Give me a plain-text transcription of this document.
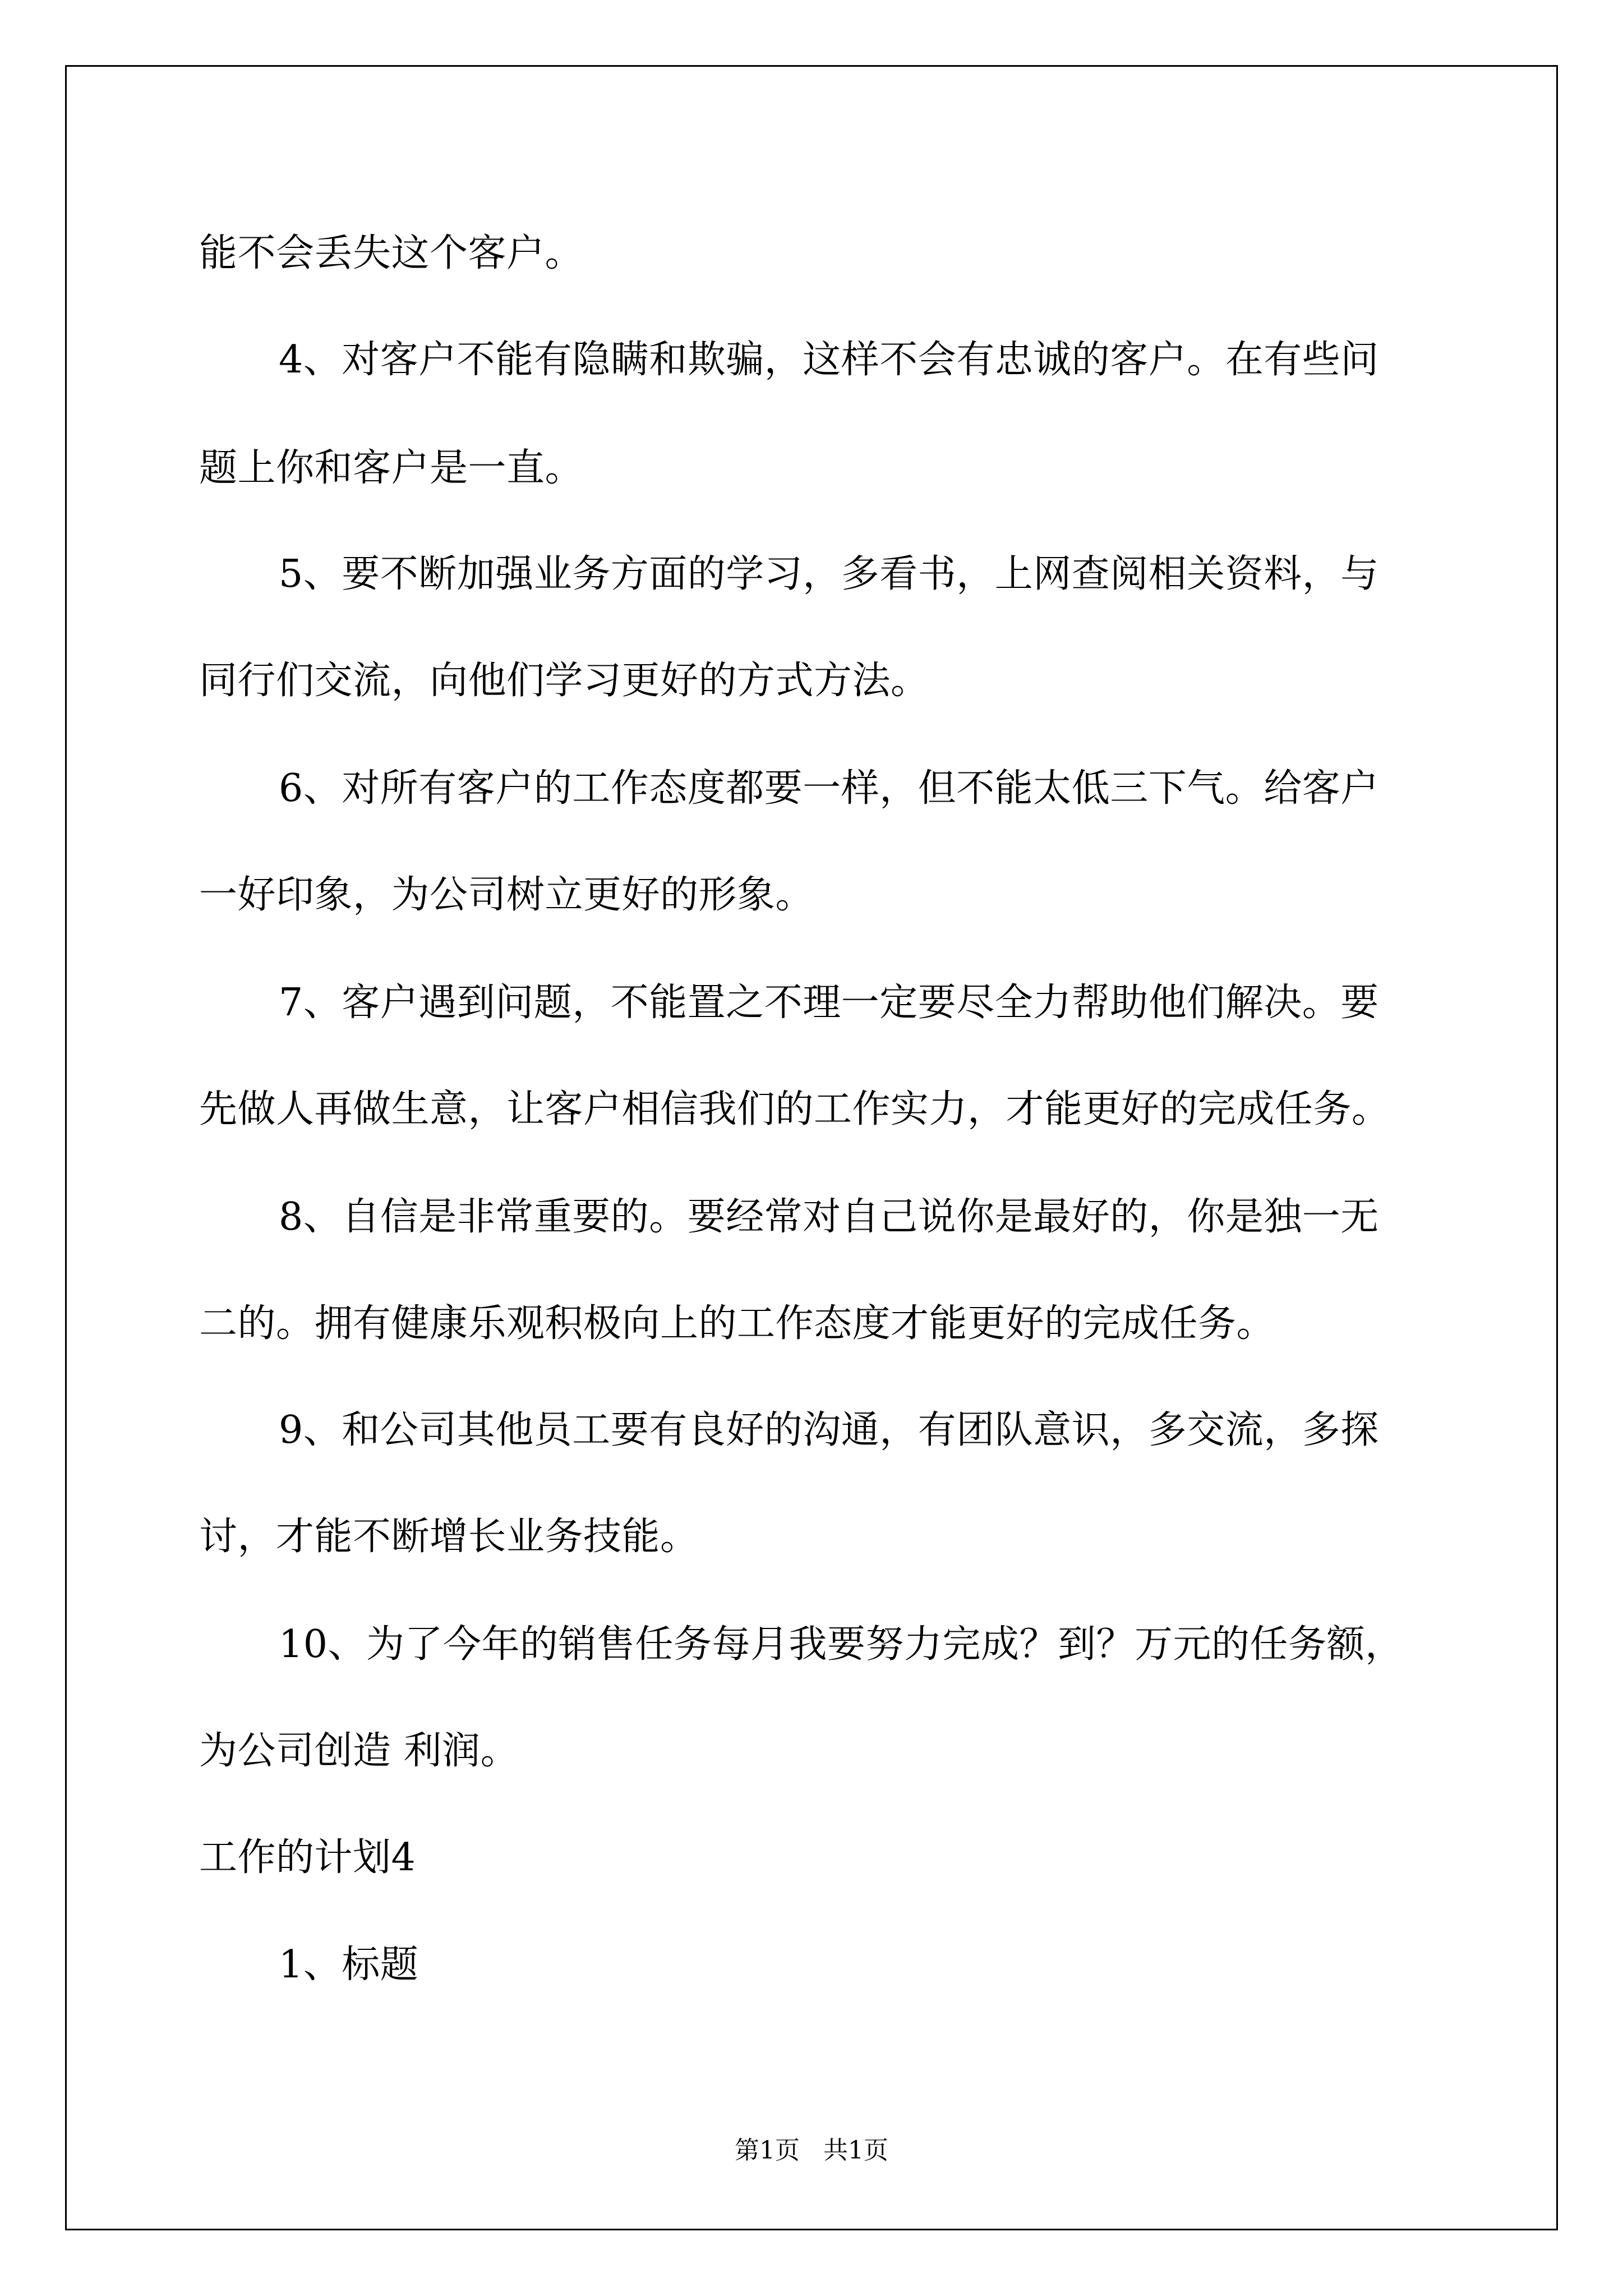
能不会丢失这个客户。
4、对客户不能有隐瞒和欺骗，这样不会有忠诚的客户。在有些问
题上你和客户是一直。
5、要不断加强业务方面的学习，多看书，上网查阅相关资料，与
同行们交流，向他们学习更好的方式方法。
6、对所有客户的工作态度都要一样，但不能太低三下气。给客户
一好印象，为公司树立更好的形象。
7、客户遇到问题，不能置之不理一定要尽全力帮助他们解决。要
先做人再做生意，让客户相信我们的工作实力，才能更好的完成任务。
8、自信是非常重要的。要经常对自己说你是最好的，你是独一无
二的。拥有健康乐观积极向上的工作态度才能更好的完成任务。
9、和公司其他员工要有良好的沟通，有团队意识，多交流，多探
讨，才能不断增长业务技能。
10、为了今年的销售任务每月我要努力完成？到？万元的任务额，
为公司创造 利润。
工作的计划4
1、标题
第1页   共1页
